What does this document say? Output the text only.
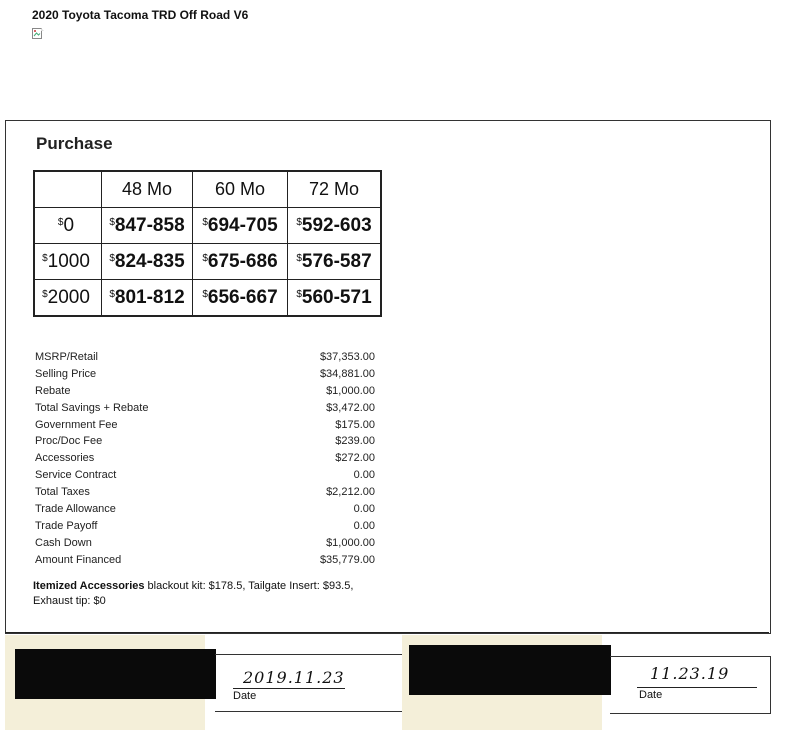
2020 Toyota Tacoma TRD Off Road V6
Purchase
	48 Mo	60 Mo	72 Mo
$0	$847-858	$694-705	$592-603
$1000	$824-835	$675-686	$576-587
$2000	$801-812	$656-667	$560-571
MSRP/Retail	$37,353.00
Selling Price	$34,881.00
Rebate	$1,000.00
Total Savings + Rebate	$3,472.00
Government Fee	$175.00
Proc/Doc Fee	$239.00
Accessories	$272.00
Service Contract	0.00
Total Taxes	$2,212.00
Trade Allowance	0.00
Trade Payoff	0.00
Cash Down	$1,000.00
Amount Financed	$35,779.00
Itemized Accessories blackout kit: $178.5, Tailgate Insert: $93.5, Exhaust tip: $0
2019.11.23
Date
11.23.19
Date
